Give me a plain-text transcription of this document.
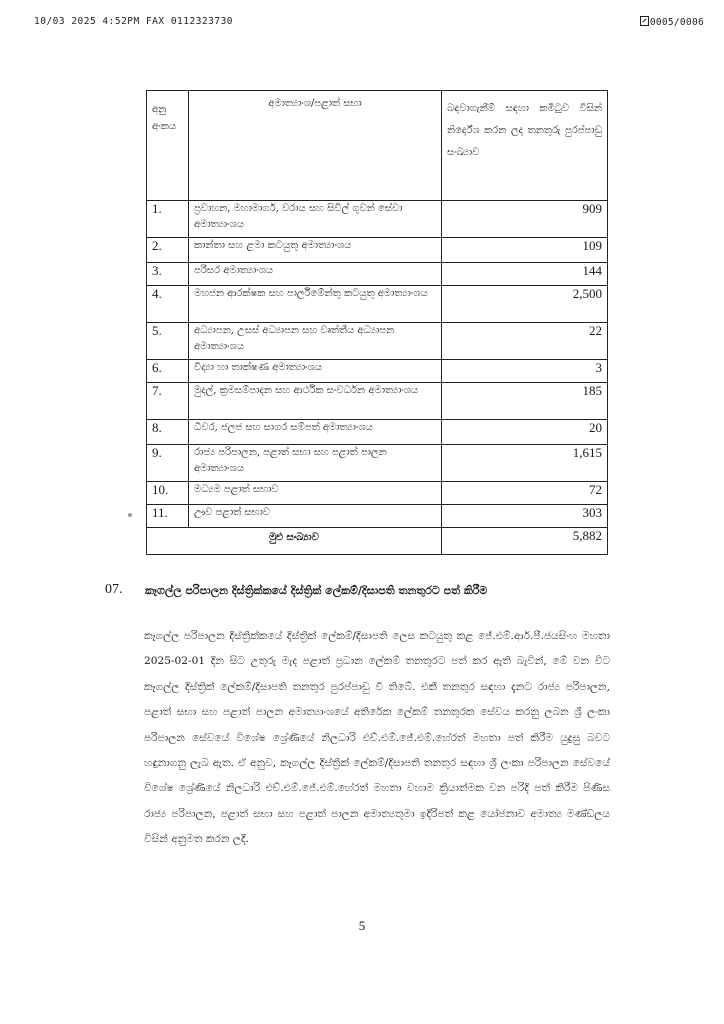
10/03 2025 4:52PM FAX 0112323730	0005/0006
අනු අංකය	අමාත්‍යාංශ/පළාත් සභා	බඳවාගැනීම් සඳහා කමිටුව විසින් නිර්දේශ කරන ලද තනතුරු පුරප්පාඩු සංඛ්‍යාව
1.	ප්‍රවාහන, මහාමාර්ග, වරාය සහ සිවිල් ගුවන් සේවා අමාත්‍යාංශය	909
2.	කාන්තා සහ ළමා කටයුතු අමාත්‍යාංශය	109
3.	පරිසර අමාත්‍යාංශය	144
4.	මහජන ආරක්ෂක සහ පාර්ලිමේන්තු කටයුතු අමාත්‍යාංශය	2,500
5.	අධ්‍යාපන, උසස් අධ්‍යාපන සහ වෘත්තීය අධ්‍යාපන අමාත්‍යාංශය	22
6.	විද්‍යා හා තාක්ෂණ අමාත්‍යාංශය	3
7.	මුදල්, ක්‍රමසම්පාදන සහ ආර්ථික සංවර්ධන අමාත්‍යාංශය	185
8.	ධීවර, ජලජ සහ සාගර සම්පත් අමාත්‍යාංශය	20
9.	රාජ්‍ය පරිපාලන, පළාත් සභා සහ පළාත් පාලන අමාත්‍යාංශය	1,615
10.	මධ්‍යම පළාත් සභාව	72
11.	ඌව පළාත් සභාව	303
මුළු සංඛ්‍යාව		5,882
07. කෑගල්ල පරිපාලන දිස්ත්‍රික්කයේ දිස්ත්‍රික් ලේකම්/දිසාපති තනතුරට පත් කිරීම
කෑගල්ල පරිපාලන දිස්ත්‍රික්කයේ දිස්ත්‍රික් ලේකම්/දිසාපති ලෙස කටයුතු කළ ජේ.එම්.ආර්.පී.ජයසිංහ මහතා 2025-02-01 දින සිට උතුරු මැද පළාත් ප්‍රධාන ලේකම් තනතුරට පත් කර ඇති බැවින්, මේ වන විට කෑගල්ල දිස්ත්‍රික් ලේකම්/දිසාපති තනතුර පුරප්පාඩු වී තිබේ. එකී තනතුර සඳහා දැනට රාජ්‍ය පරිපාලන, පළාත් සභා සහ පළාත් පාලන අමාත්‍යාංශයේ අතිරේක ලේකම් තනතුරක සේවය කරනු ලබන ශ්‍රී ලංකා පරිපාලන සේවයේ විශේෂ ශ්‍රේණියේ නිලධාරි එච්.එම්.ජේ.එම්.හේරත් මහතා පත් කිරීම යුදුසු බවට හඳුනාගනු ලැබ ඇත. ඒ අනුව, කෑගල්ල දිස්ත්‍රික් ලේකම්/දිසාපති තනතුර සඳහා ශ්‍රී ලංකා පරිපාලන සේවයේ විශේෂ ශ්‍රේණියේ නිලධාරි එච්.එම්.ජේ.එම්.හේරත් මහතා වහාම ක්‍රියාත්මක වන පරිදි පත් කිරීම පිණිස රාජ්‍ය පරිපාලන, පළාත් සභා සහ පළාත් පාලන අමාත්‍යතුමා ඉදිරිපත් කළ යෝජනාව අමාත්‍ය මණ්ඩලය විසින් අනුමත කරන ලදී.
5
